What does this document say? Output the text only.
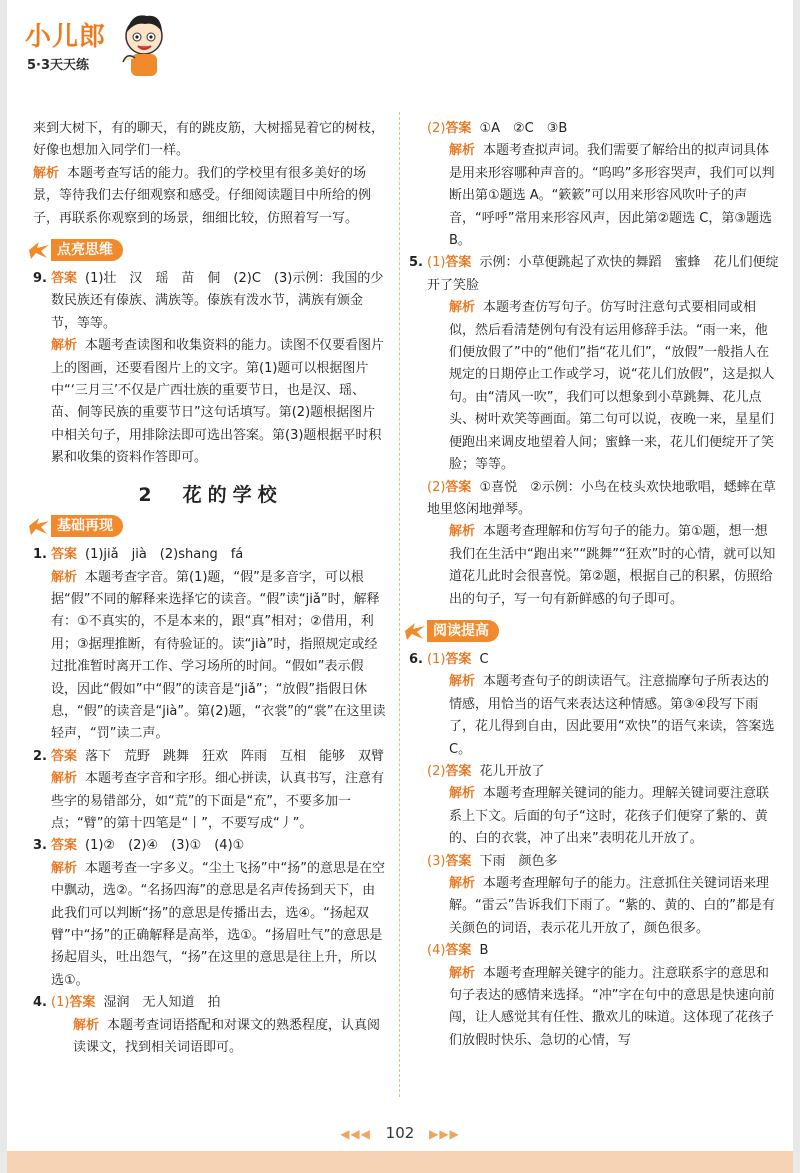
小儿郎
5·3天天练

来到大树下，有的聊天，有的跳皮筋，大树摇晃着它的树枝，好像也想加入同学们一样。

解析 本题考查写话的能力。我们的学校里有很多美好的场景，等待我们去仔细观察和感受。仔细阅读题目中所给的例子，再联系你观察到的场景，细细比较，仿照着写一写。

点亮思维

9. 答案 (1)壮　汉　瑶　苗　侗　(2)C　(3)示例：我国的少数民族还有傣族、满族等。傣族有泼水节，满族有颁金节，等等。

解析 本题考查读图和收集资料的能力。读图不仅要看图片上的图画，还要看图片上的文字。第(1)题可以根据图片中“‘三月三’不仅是广西壮族的重要节日，也是汉、瑶、苗、侗等民族的重要节日”这句话填写。第(2)题根据图片中相关句子，用排除法即可选出答案。第(3)题根据平时积累和收集的资料作答即可。

2　花的学校
基础再现

1. 答案 (1)jiǎ　jià　(2)shang　fá

解析 本题考查字音。第(1)题，“假”是多音字，可以根据“假”不同的解释来选择它的读音。“假”读“jiǎ”时，解释有：①不真实的，不是本来的，跟“真”相对；②借用，利用；③据理推断，有待验证的。读“jià”时，指照规定或经过批准暂时离开工作、学习场所的时间。“假如”表示假设，因此“假如”中“假”的读音是“jiǎ”；“放假”指假日休息，“假”的读音是“jià”。第(2)题，“衣裳”的“裳”在这里读轻声，“罚”读二声。

2. 答案 落下　荒野　跳舞　狂欢　阵雨　互相　能够　双臂

解析 本题考查字音和字形。细心拼读，认真书写，注意有些字的易错部分，如“荒”的下面是“㐬”，不要多加一点；“臂”的第十四笔是“丨”，不要写成“丿”。

3. 答案 (1)②　(2)④　(3)①　(4)①

解析 本题考查一字多义。“尘土飞扬”中“扬”的意思是在空中飘动，选②。“名扬四海”的意思是名声传扬到天下，由此我们可以判断“扬”的意思是传播出去，选④。“扬起双臂”中“扬”的正确解释是高举，选①。“扬眉吐气”的意思是扬起眉头，吐出怨气，“扬”在这里的意思是往上升，所以选①。

4. (1)答案 湿润　无人知道　拍

解析 本题考查词语搭配和对课文的熟悉程度，认真阅读课文，找到相关词语即可。

(2)答案 ①A　②C　③B

解析 本题考查拟声词。我们需要了解给出的拟声词具体是用来形容哪种声音的。“呜呜”多形容哭声，我们可以判断出第①题选 A。“簌簌”可以用来形容风吹叶子的声音，“呼呼”常用来形容风声，因此第②题选 C，第③题选 B。

5. (1)答案 示例：小草便跳起了欢快的舞蹈　蜜蜂　花儿们便绽开了笑脸

解析 本题考查仿写句子。仿写时注意句式要相同或相似，然后看清楚例句有没有运用修辞手法。“雨一来，他们便放假了”中的“他们”指“花儿们”，“放假”一般指人在规定的日期停止工作或学习，说“花儿们放假”，这是拟人句。由“清风一吹”，我们可以想象到小草跳舞、花儿点头、树叶欢笑等画面。第二句可以说，夜晚一来，星星们便跑出来调皮地望着人间；蜜蜂一来，花儿们便绽开了笑脸；等等。

(2)答案 ①喜悦　②示例：小鸟在枝头欢快地歌唱，蟋蟀在草地里悠闲地弹琴。

解析 本题考查理解和仿写句子的能力。第①题，想一想我们在生活中“跑出来”“跳舞”“狂欢”时的心情，就可以知道花儿此时会很喜悦。第②题，根据自己的积累，仿照给出的句子，写一句有新鲜感的句子即可。

阅读提高

6. (1)答案 C

解析 本题考查句子的朗读语气。注意揣摩句子所表达的情感，用恰当的语气来表达这种情感。第③④段写下雨了，花儿得到自由，因此要用“欢快”的语气来读，答案选 C。

(2)答案 花儿开放了

解析 本题考查理解关键词的能力。理解关键词要注意联系上下文。后面的句子“这时，花孩子们便穿了紫的、黄的、白的衣裳，冲了出来”表明花儿开放了。

(3)答案 下雨　颜色多

解析 本题考查理解句子的能力。注意抓住关键词语来理解。“雷云”告诉我们下雨了。“紫的、黄的、白的”都是有关颜色的词语，表示花儿开放了，颜色很多。

(4)答案 B

解析 本题考查理解关键字的能力。注意联系字的意思和句子表达的感情来选择。“冲”字在句中的意思是快速向前闯，让人感觉其有任性、撒欢儿的味道。这体现了花孩子们放假时快乐、急切的心情，写

◀◀◀ 102 ▶▶▶
